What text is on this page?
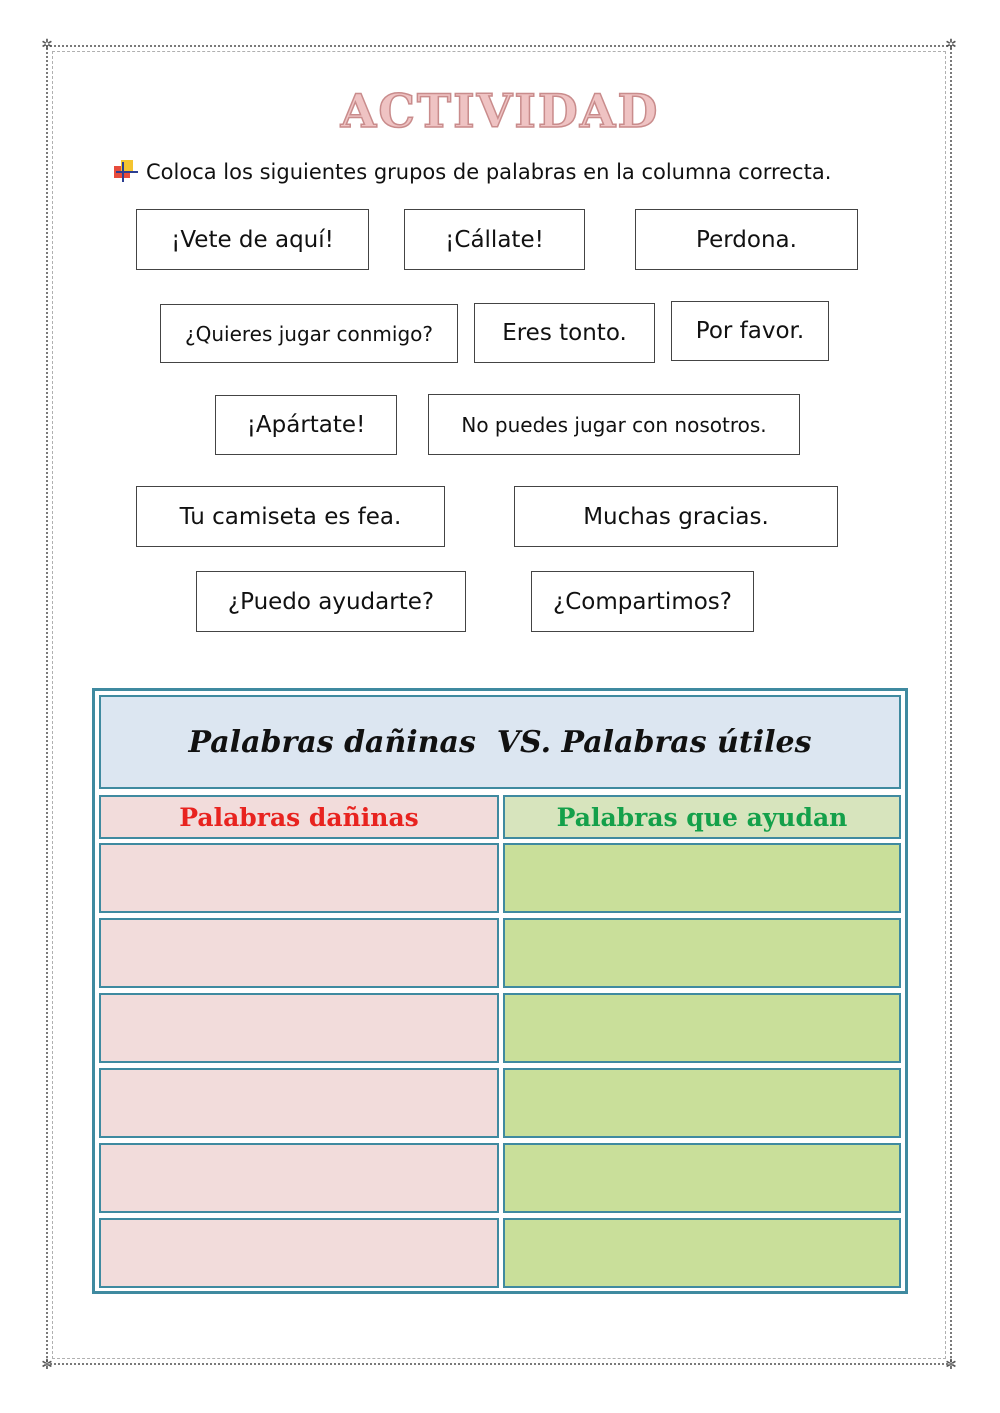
✲	✲
✲	✲
ACTIVIDAD
Coloca los siguientes grupos de palabras en la columna correcta.
¡Vete de aquí!	¡Cállate!	Perdona.
¿Quieres jugar conmigo?	Eres tonto.	Por favor.
¡Apártate!	No puedes jugar con nosotros.
Tu camiseta es fea.	Muchas gracias.
¿Puedo ayudarte?	¿Compartimos?
Palabras dañinas  VS. Palabras útiles
Palabras dañinas	Palabras que ayudan
